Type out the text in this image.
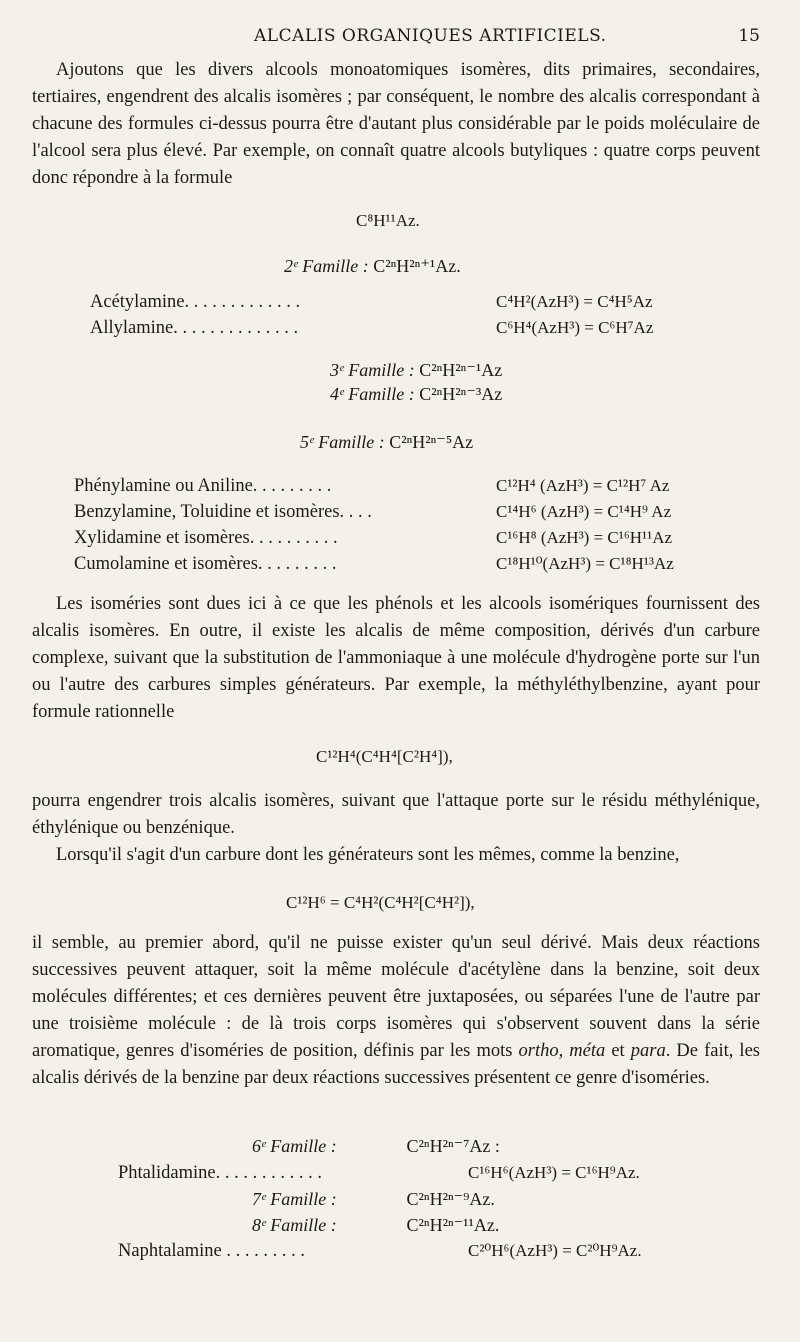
ALCALIS ORGANIQUES ARTIFICIELS.	15

Ajoutons que les divers alcools monoatomiques isomères, dits primaires, secondaires, tertiaires, engendrent des alcalis isomères ; par conséquent, le nombre des alcalis correspondant à chacune des formules ci-dessus pourra être d'autant plus considérable par le poids moléculaire de l'alcool sera plus élevé. Par exemple, on connaît quatre alcools butyliques : quatre corps peuvent donc répondre à la formule

C⁸H¹¹Az.
2ᵉ Famille : C²ⁿH²ⁿ⁺¹Az.
Acétylamine. . . . . . . . . . . . .	C⁴H²(AzH³) = C⁴H⁵Az
Allylamine. . . . . . . . . . . . . .	C⁶H⁴(AzH³) = C⁶H⁷Az
3ᵉ Famille : C²ⁿH²ⁿ⁻¹Az
4ᵉ Famille : C²ⁿH²ⁿ⁻³Az
5ᵉ Famille : C²ⁿH²ⁿ⁻⁵Az
Phénylamine ou Aniline. . . . . . . . .	C¹²H⁴ (AzH³) = C¹²H⁷ Az
Benzylamine, Toluidine et isomères. . . .	C¹⁴H⁶ (AzH³) = C¹⁴H⁹ Az
Xylidamine et isomères. . . . . . . . . .	C¹⁶H⁸ (AzH³) = C¹⁶H¹¹Az
Cumolamine et isomères. . . . . . . . .	C¹⁸H¹⁰(AzH³) = C¹⁸H¹³Az

Les isoméries sont dues ici à ce que les phénols et les alcools isomériques fournissent des alcalis isomères. En outre, il existe les alcalis de même composition, dérivés d'un carbure complexe, suivant que la substitution de l'ammoniaque à une molécule d'hydrogène porte sur l'un ou l'autre des carbures simples générateurs. Par exemple, la méthyléthylbenzine, ayant pour formule rationnelle

C¹²H⁴(C⁴H⁴[C²H⁴]),

pourra engendrer trois alcalis isomères, suivant que l'attaque porte sur le résidu méthylénique, éthylénique ou benzénique.

Lorsqu'il s'agit d'un carbure dont les générateurs sont les mêmes, comme la benzine,

C¹²H⁶ = C⁴H²(C⁴H²[C⁴H²]),

il semble, au premier abord, qu'il ne puisse exister qu'un seul dérivé. Mais deux réactions successives peuvent attaquer, soit la même molécule d'acétylène dans la benzine, soit deux molécules différentes; et ces dernières peuvent être juxtaposées, ou séparées l'une de l'autre par une troisième molécule : de là trois corps isomères qui s'observent souvent dans la série aromatique, genres d'isoméries de position, définis par les mots ortho, méta et para. De fait, les alcalis dérivés de la benzine par deux réactions successives présentent ce genre d'isoméries.

6ᵉ Famille :	C²ⁿH²ⁿ⁻⁷Az :
Phtalidamine. . . . . . . . . . . .	C¹⁶H⁶(AzH³) = C¹⁶H⁹Az.
7ᵉ Famille :	C²ⁿH²ⁿ⁻⁹Az.
8ᵉ Famille :	C²ⁿH²ⁿ⁻¹¹Az.
Naphtalamine . . . . . . . . .	C²⁰H⁶(AzH³) = C²⁰H⁹Az.
